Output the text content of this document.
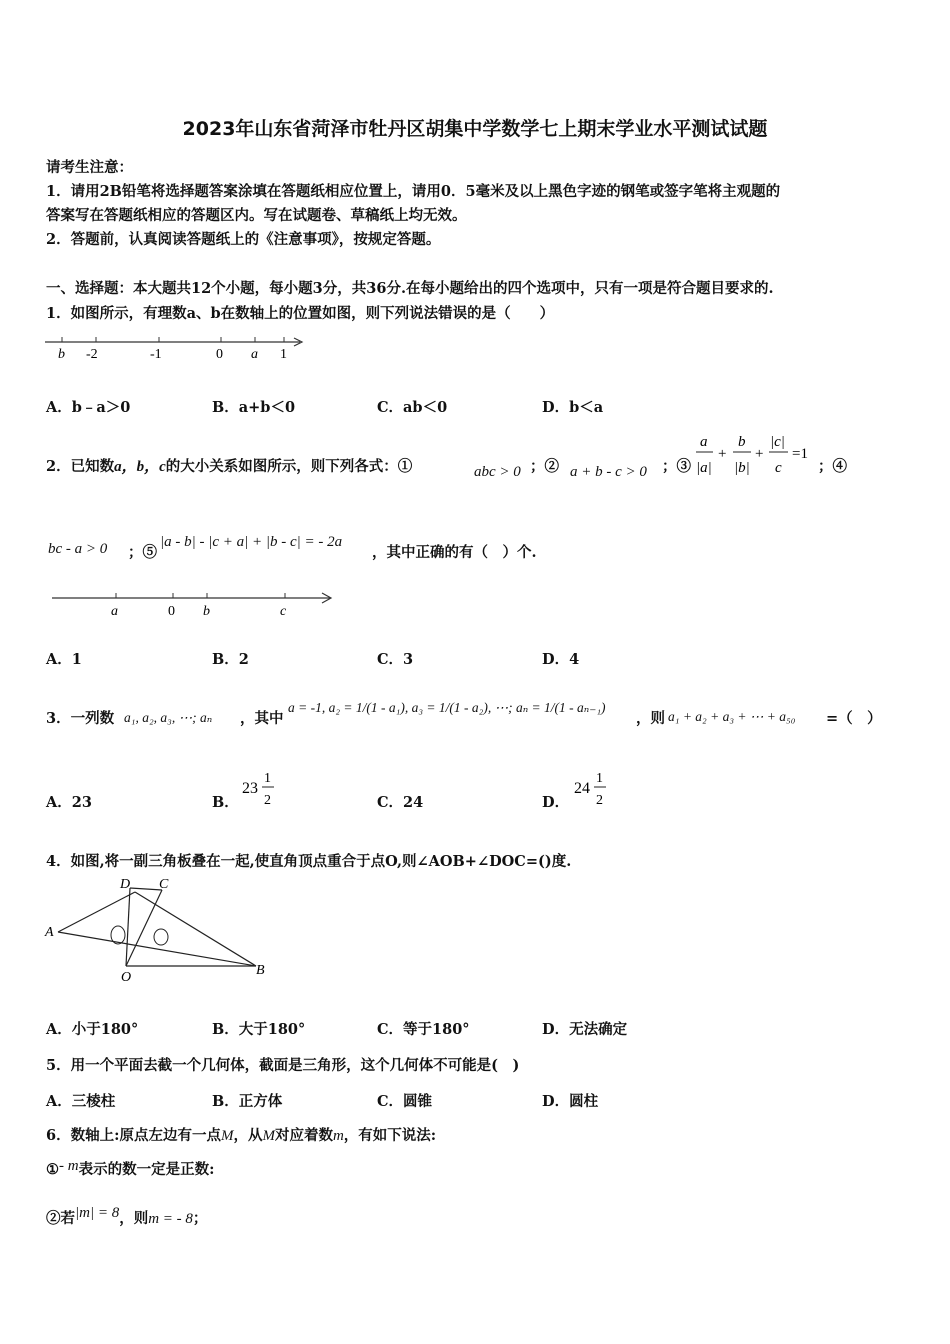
2023年山东省菏泽市牡丹区胡集中学数学七上期末学业水平测试试题
请考生注意：
1．请用2B铅笔将选择题答案涂填在答题纸相应位置上，请用0．5毫米及以上黑色字迹的钢笔或签字笔将主观题的
答案写在答题纸相应的答题区内。写在试题卷、草稿纸上均无效。
2．答题前，认真阅读答题纸上的《注意事项》，按规定答题。
一、选择题：本大题共12个小题，每小题3分，共36分.在每小题给出的四个选项中，只有一项是符合题目要求的.
1．如图所示，有理数a、b在数轴上的位置如图，则下列说法错误的是（　　）
b -2	-1	0 a 1
A．b﹣a＞0	B．a+b＜0	C．ab＜0	D．b＜a
2．已知数a，b，c的大小关系如图所示，则下列各式：①	abc > 0 ；② a + b - c > 0 ；③
a
|a|
+
b
|b|
+
|c|
c
=1
；④
bc - a > 0 ；⑤
|a - b| - |c + a| + |b - c| = - 2a
，其中正确的有（　）个.
a	0 b	c
A．1	B．2	C．3	D．4
3．一列数 a₁, a₂, a₃, ⋯; aₙ ，其中
a = -1, a₂ = 1/(1 - a₁), a₃ = 1/(1 - a₂), ⋯; aₙ = 1/(1 - aₙ₋₁)
，则 a₁ + a₂ + a₃ + ⋯ + a₅₀ =（　）
A．23	B．
23
1
2	C．24	D．
24
1
2
4．如图,将一副三角板叠在一起,使直角顶点重合于点O,则∠AOB+∠DOC=()度.
D C
A
O	B
A．小于180°	B．大于180°	C．等于180°	D．无法确定
5．用一个平面去截一个几何体，截面是三角形，这个几何体不可能是(　)
A．三棱柱	B．正方体	C．圆锥	D．圆柱
6．数轴上:原点左边有一点M，从M对应着数m，有如下说法:
①- m表示的数一定是正数:
②若|m| = 8，则m = - 8；
